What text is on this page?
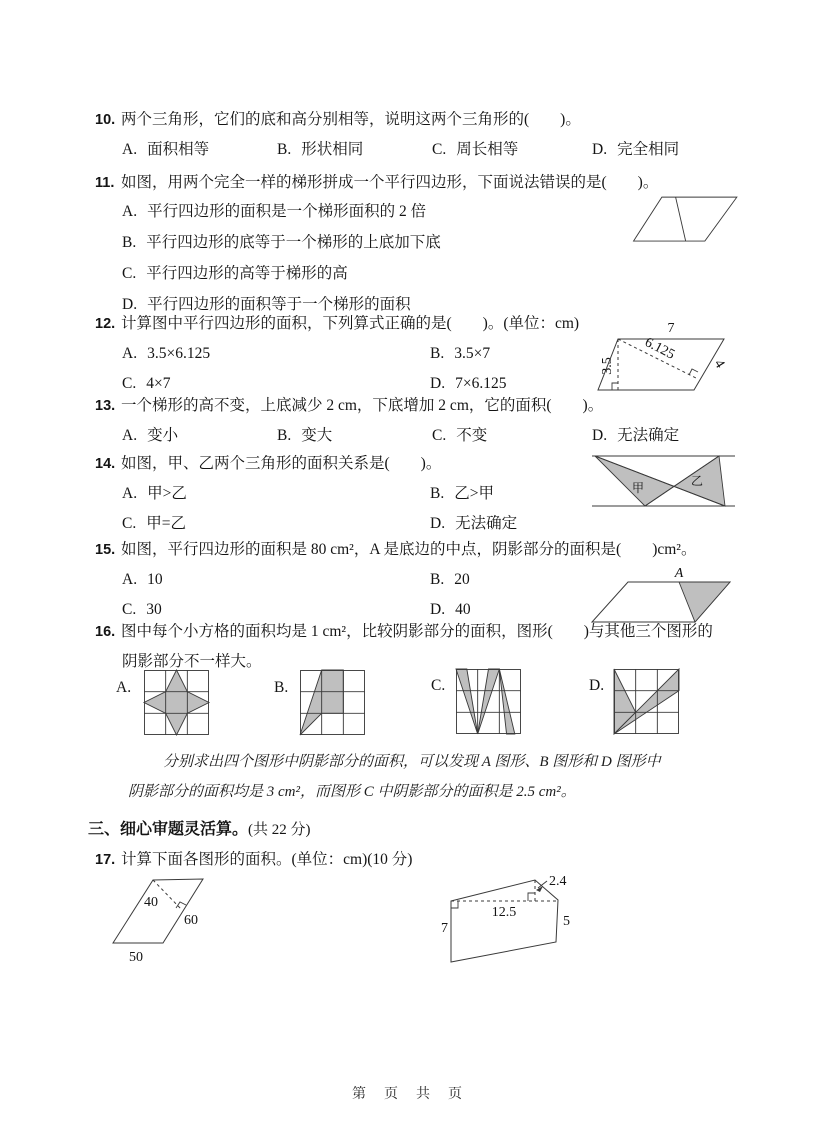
10. 两个三角形，它们的底和高分别相等，说明这两个三角形的(　　)。
A. 面积相等	B. 形状相同	C. 周长相等	D. 完全相同
11. 如图，用两个完全一样的梯形拼成一个平行四边形，下面说法错误的是(　　)。
A. 平行四边形的面积是一个梯形面积的 2 倍
B. 平行四边形的底等于一个梯形的上底加下底
C. 平行四边形的高等于梯形的高
D. 平行四边形的面积等于一个梯形的面积
12. 计算图中平行四边形的面积，下列算式正确的是(　　)。(单位：cm)
A. 3.5×6.125	B. 3.5×7
C. 4×7	D. 7×6.125
7
3.5
6.125
4
13. 一个梯形的高不变，上底减少 2 cm，下底增加 2 cm，它的面积(　　)。
A. 变小	B. 变大	C. 不变	D. 无法确定
14. 如图，甲、乙两个三角形的面积关系是(　　)。
A. 甲>乙	B. 乙>甲
C. 甲=乙	D. 无法确定
甲	乙
15. 如图，平行四边形的面积是 80 cm²，A 是底边的中点，阴影部分的面积是(　　)cm²。
A. 10	B. 20
C. 30	D. 40
A
16. 图中每个小方格的面积均是 1 cm²，比较阴影部分的面积，图形(　　)与其他三个图形的
阴影部分不一样大。
A.	B.	C.	D.
分别求出四个图形中阴影部分的面积，可以发现 A 图形、B 图形和 D 图形中
阴影部分的面积均是 3 cm²，而图形 C 中阴影部分的面积是 2.5 cm²。
三、细心审题灵活算。(共 22 分)
17. 计算下面各图形的面积。(单位：cm)(10 分)
40
60
50
2.4
12.5
7	5
第　页　共　页
